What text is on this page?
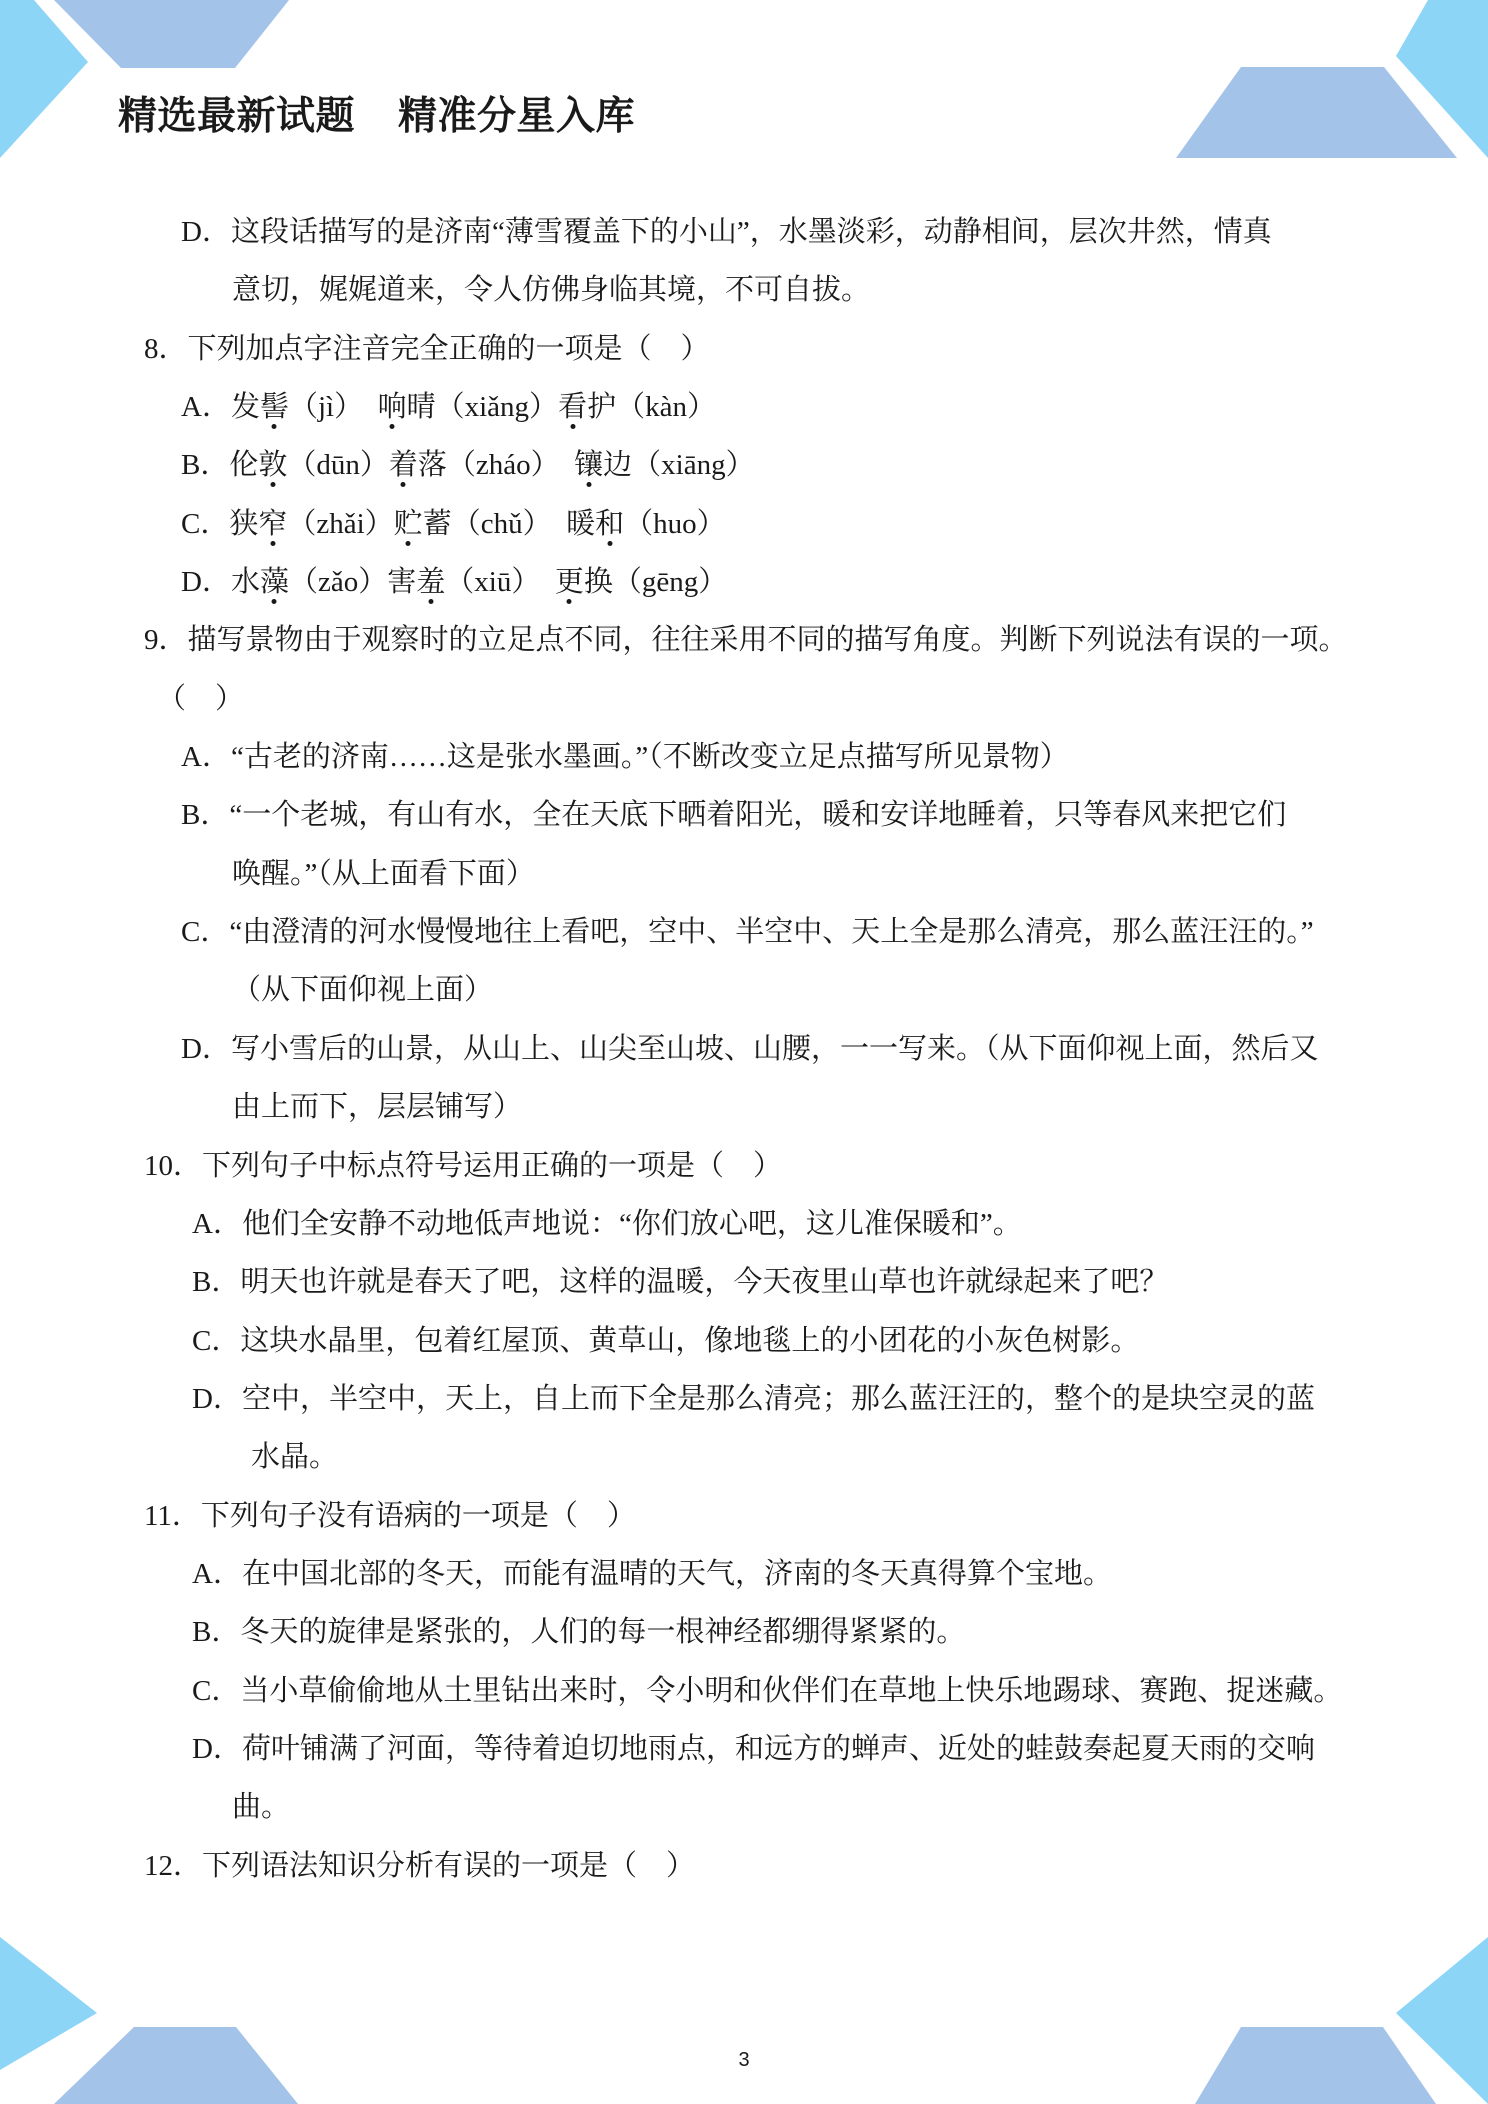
精选最新试题 精准分星入库
D．这段话描写的是济南“薄雪覆盖下的小山”，水墨淡彩，动静相间，层次井然，情真
意切，娓娓道来，令人仿佛身临其境，不可自拔。
8．下列加点字注音完全正确的一项是（　）
A．发髻（jì） 响晴（xiǎng）看护（kàn）
B．伦敦（dūn）着落（zháo） 镶边（xiāng）
C．狭窄（zhǎi）贮蓄（chǔ） 暖和（huo）
D．水藻（zǎo）害羞（xiū） 更换（gēng）
9．描写景物由于观察时的立足点不同，往往采用不同的描写角度。判断下列说法有误的一项。
（　）
A．“古老的济南……这是张水墨画。”（不断改变立足点描写所见景物）
B．“一个老城，有山有水，全在天底下晒着阳光，暖和安详地睡着，只等春风来把它们
唤醒。”（从上面看下面）
C．“由澄清的河水慢慢地往上看吧，空中、半空中、天上全是那么清亮，那么蓝汪汪的。”
（从下面仰视上面）
D．写小雪后的山景，从山上、山尖至山坡、山腰，一一写来。（从下面仰视上面，然后又
由上而下，层层铺写）
10．下列句子中标点符号运用正确的一项是（　）
A．他们全安静不动地低声地说：“你们放心吧，这儿准保暖和”。
B．明天也许就是春天了吧，这样的温暖，今天夜里山草也许就绿起来了吧？
C．这块水晶里，包着红屋顶、黄草山，像地毯上的小团花的小灰色树影。
D．空中，半空中，天上，自上而下全是那么清亮；那么蓝汪汪的，整个的是块空灵的蓝
水晶。
11．下列句子没有语病的一项是（　）
A．在中国北部的冬天，而能有温晴的天气，济南的冬天真得算个宝地。
B．冬天的旋律是紧张的，人们的每一根神经都绷得紧紧的。
C．当小草偷偷地从土里钻出来时，令小明和伙伴们在草地上快乐地踢球、赛跑、捉迷藏。
D．荷叶铺满了河面，等待着迫切地雨点，和远方的蝉声、近处的蛙鼓奏起夏天雨的交响
曲。
12．下列语法知识分析有误的一项是（　）
3
